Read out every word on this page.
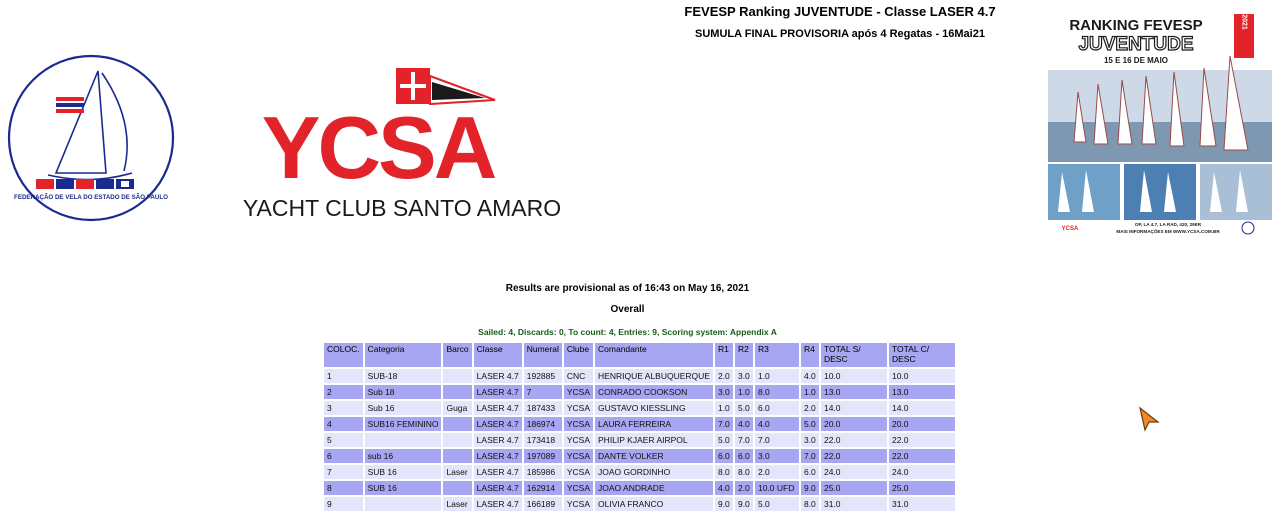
FEVESP Ranking JUVENTUDE - Classe LASER 4.7
SUMULA FINAL PROVISORIA após 4 Regatas - 16Mai21
FEDERAÇÃO DE VELA DO ESTADO DE SÃO PAULO
YCSA
YACHT CLUB SANTO AMARO
2021
RANKING FEVESP
JUVENTUDE
15 E 16 DE MAIO
YCSA
OP, LA 4.7, LA RAD, 420, 29ER
MAIS INFORMAÇÕES EM WWW.YCSA.COM.BR
Results are provisional as of 16:43 on May 16, 2021
Overall
Sailed: 4, Discards: 0, To count: 4, Entries: 9, Scoring system: Appendix A
COLOC.	Categoria	Barco	Classe	Numeral	Clube	Comandante	R1	R2	R3	R4	TOTAL S/ DESC	TOTAL C/ DESC
1	SUB-18		LASER 4.7	192885	CNC	HENRIQUE ALBUQUERQUE	2.0	3.0	1.0	4.0	10.0	10.0
2	Sub 18		LASER 4.7	7	YCSA	CONRADO COOKSON	3.0	1.0	8.0	1.0	13.0	13.0
3	Sub 16	Guga	LASER 4.7	187433	YCSA	GUSTAVO KIESSLING	1.0	5.0	6.0	2.0	14.0	14.0
4	SUB16 FEMININO		LASER 4.7	186974	YCSA	LAURA FERREIRA	7.0	4.0	4.0	5.0	20.0	20.0
5			LASER 4.7	173418	YCSA	PHILIP KJAER AIRPOL	5.0	7.0	7.0	3.0	22.0	22.0
6	sub 16		LASER 4.7	197089	YCSA	DANTE VOLKER	6.0	6.0	3.0	7.0	22.0	22.0
7	SUB 16	Laser	LASER 4.7	185986	YCSA	JOAO GORDINHO	8.0	8.0	2.0	6.0	24.0	24.0
8	SUB 16		LASER 4.7	162914	YCSA	JOAO ANDRADE	4.0	2.0	10.0 UFD	9.0	25.0	25.0
9		Laser	LASER 4.7	166189	YCSA	OLIVIA FRANCO	9.0	9.0	5.0	8.0	31.0	31.0
